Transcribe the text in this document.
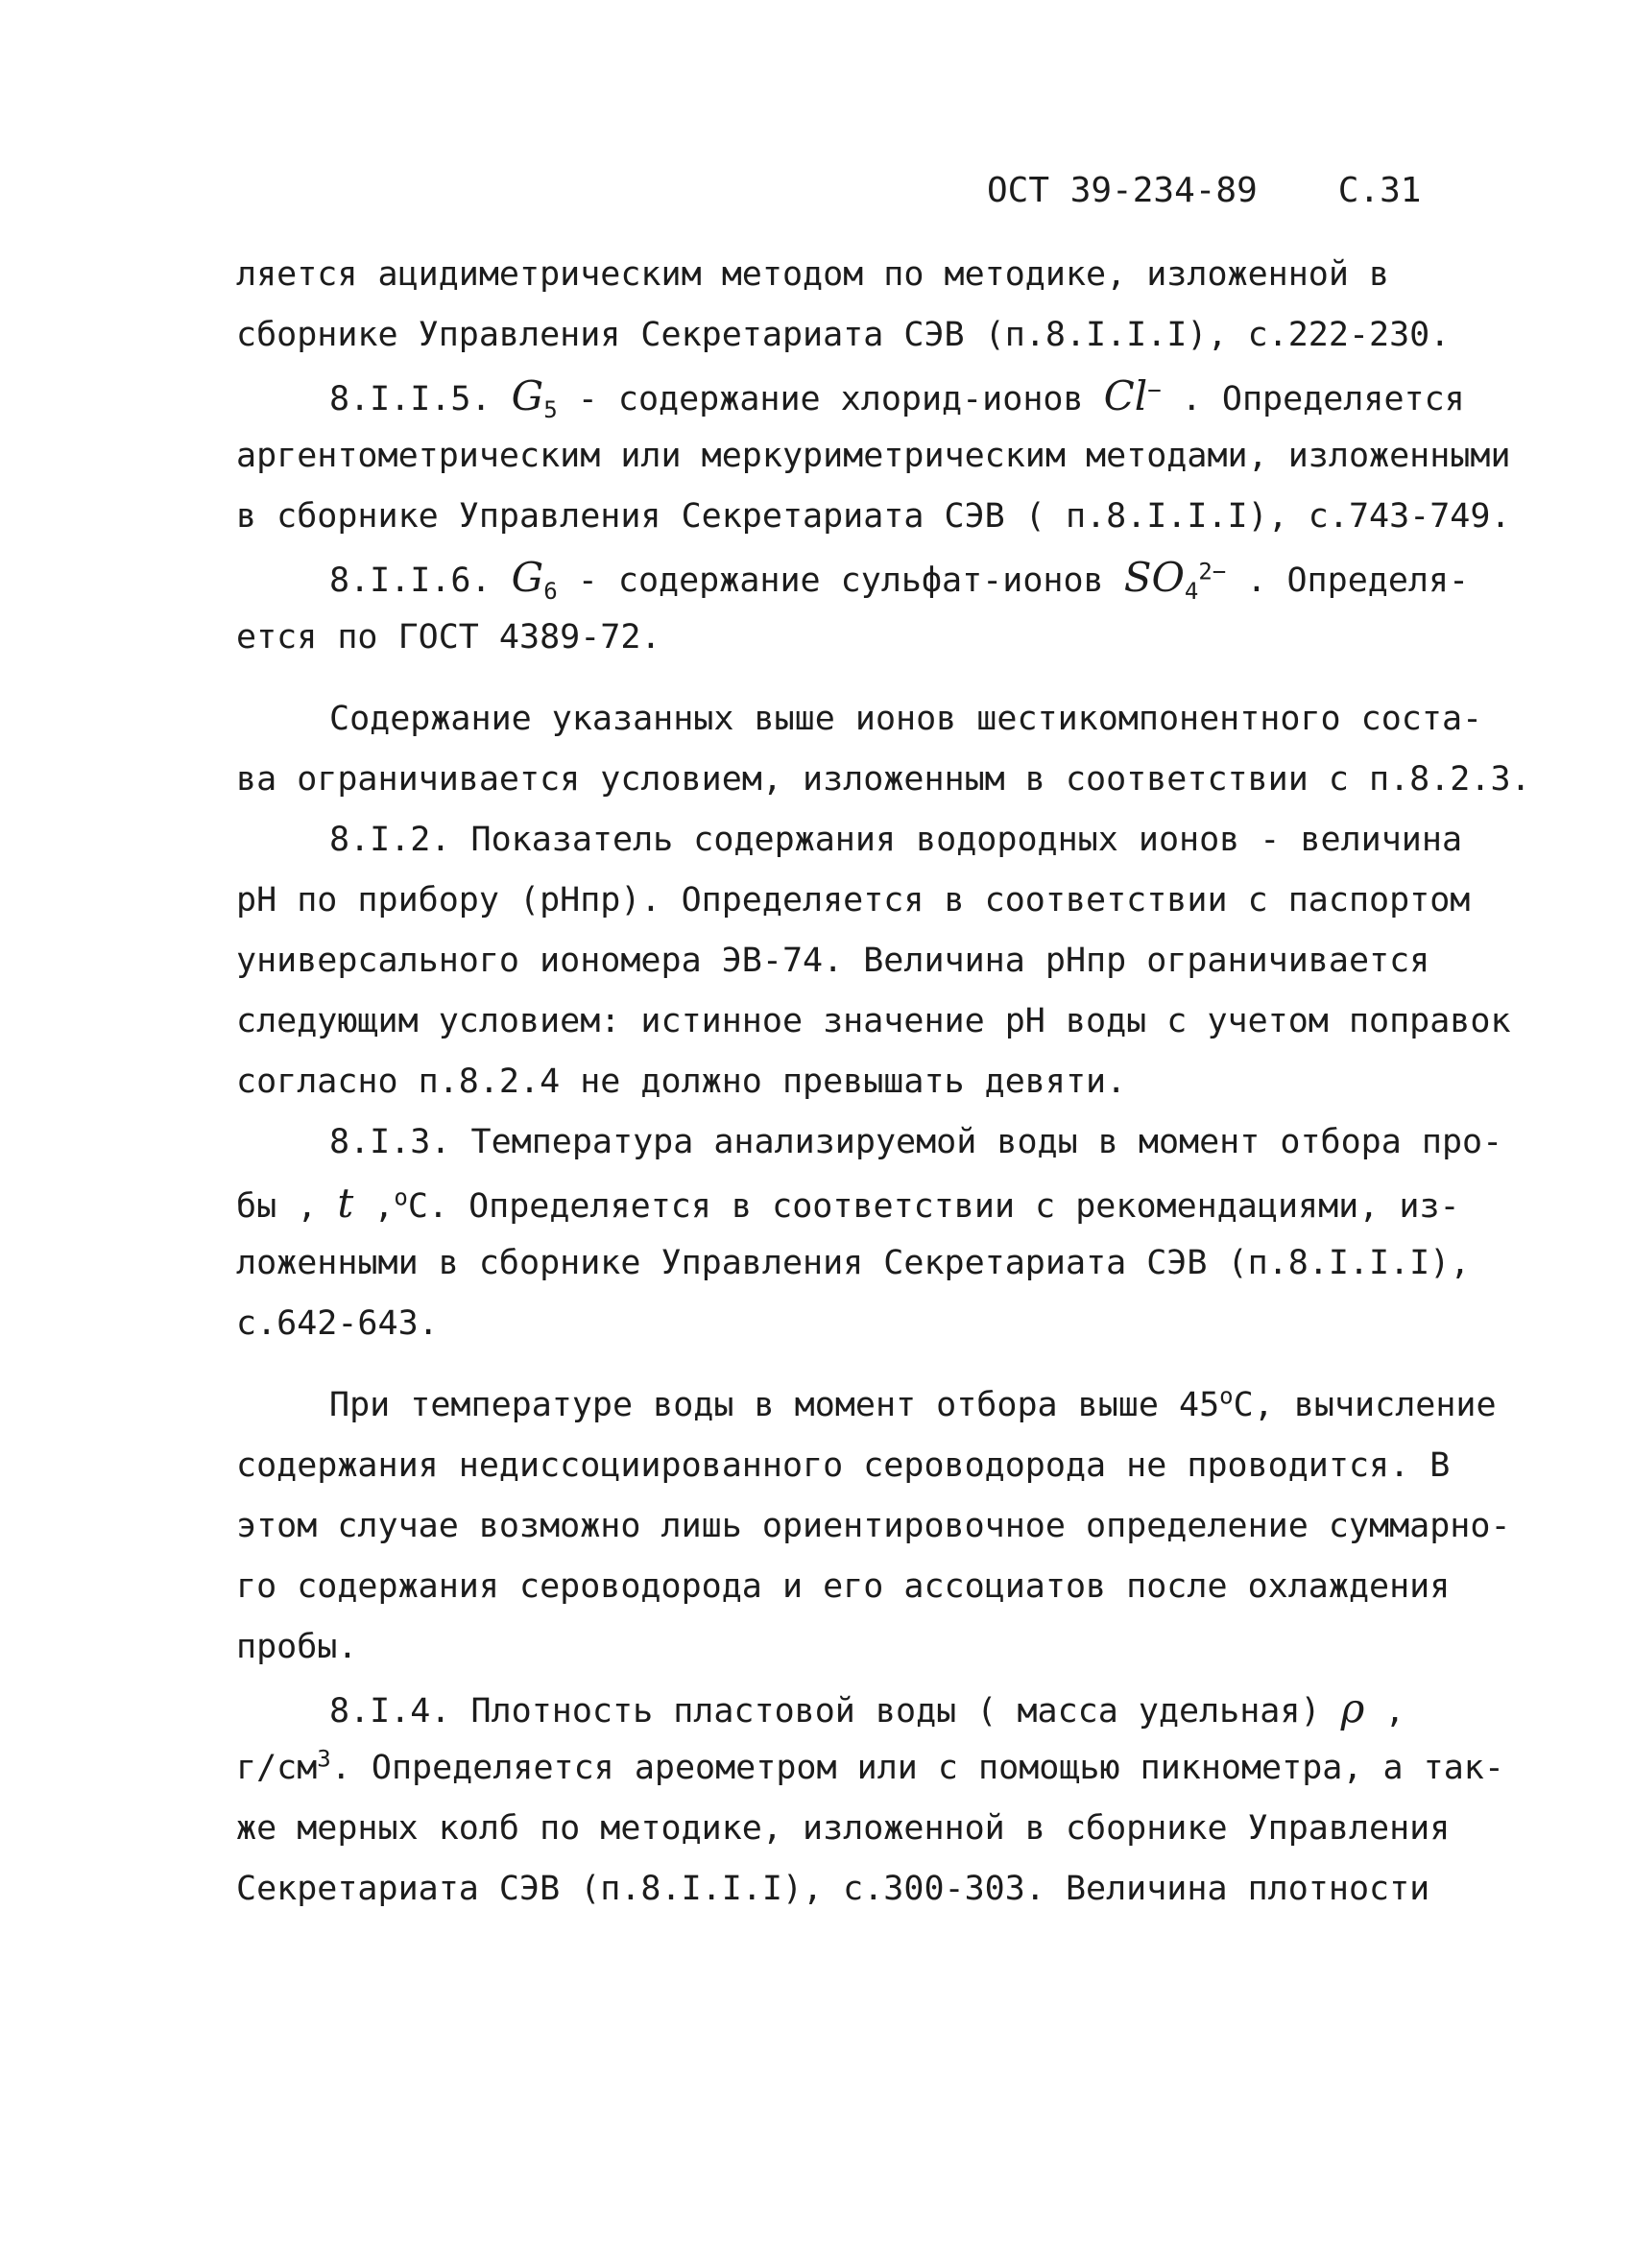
ОСТ 39-234-89 С.31
ляется ацидиметрическим методом по методике, изложенной в
сборнике Управления Секретариата СЭВ (п.8.I.I.I), с.222-230.
8.I.I.5. $G_5$ - содержание хлорид-ионов Cl− . Определяется
аргентометрическим или меркуриметрическим методами, изложенными
в сборнике Управления Секретариата СЭВ ( п.8.I.I.I), с.743-749.
8.I.I.6. $G_6$ - содержание сульфат-ионов $SO_4^{2-}$ . Определя-
ется по ГОСТ 4389-72.
Содержание указанных выше ионов шестикомпонентного соста-
ва ограничивается условием, изложенным в соответствии с п.8.2.3.
8.I.2. Показатель содержания водородных ионов - величина
рН по прибору (рНпр). Определяется в соответствии с паспортом
универсального иономера ЭВ-74. Величина рНпр ограничивается
следующим условием: истинное значение рН воды с учетом поправок
согласно п.8.2.4 не должно превышать девяти.
8.I.3. Температура анализируемой воды в момент отбора про-
бы , t ,$^о$С. Определяется в соответствии с рекомендациями, из-
ложенными в сборнике Управления Секретариата СЭВ (п.8.I.I.I),
с.642-643.
При температуре воды в момент отбора выше $45^оС$, вычисление
содержания недиссоциированного сероводорода не проводится. В
этом случае возможно лишь ориентировочное определение суммарно-
го содержания сероводорода и его ассоциатов после охлаждения
пробы.
8.I.4. Плотность пластовой воды ( масса удельная) ρ ,
$г/см^3$. Определяется ареометром или с помощью пикнометра, а так-
же мерных колб по методике, изложенной в сборнике Управления
Секретариата СЭВ (п.8.I.I.I), с.300-303. Величина плотности
